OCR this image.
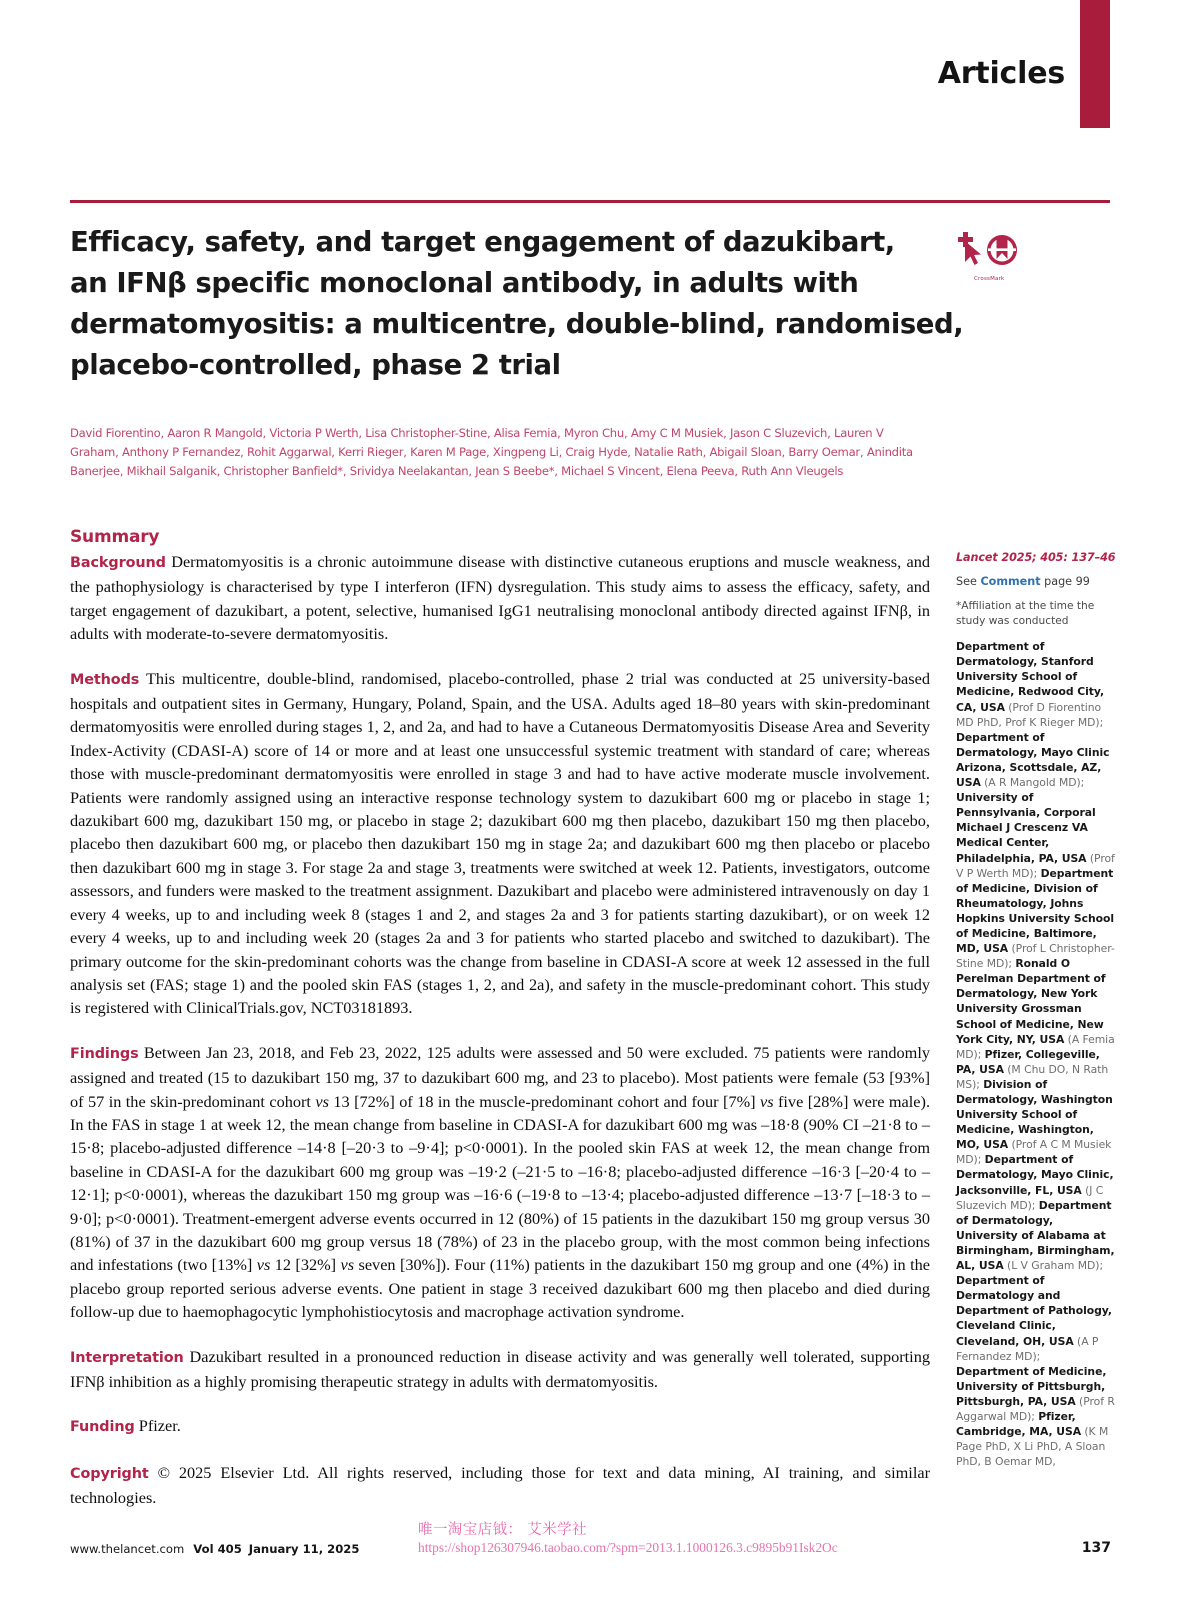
Articles
CrossMark
Efficacy, safety, and target engagement of dazukibart,
an IFNβ specific monoclonal antibody, in adults with
dermatomyositis: a multicentre, double-blind, randomised,
placebo-controlled, phase 2 trial
David Fiorentino, Aaron R Mangold, Victoria P Werth, Lisa Christopher-Stine, Alisa Femia, Myron Chu, Amy C M Musiek, Jason C Sluzevich, Lauren V Graham, Anthony P Fernandez, Rohit Aggarwal, Kerri Rieger, Karen M Page, Xingpeng Li, Craig Hyde, Natalie Rath, Abigail Sloan, Barry Oemar, Anindita Banerjee, Mikhail Salganik, Christopher Banfield*, Srividya Neelakantan, Jean S Beebe*, Michael S Vincent, Elena Peeva, Ruth Ann Vleugels
Summary

Background Dermatomyositis is a chronic autoimmune disease with distinctive cutaneous eruptions and muscle weakness, and the pathophysiology is characterised by type I interferon (IFN) dysregulation. This study aims to assess the efficacy, safety, and target engagement of dazukibart, a potent, selective, humanised IgG1 neutralising monoclonal antibody directed against IFNβ, in adults with moderate-to-severe dermatomyositis.

Methods This multicentre, double-blind, randomised, placebo-controlled, phase 2 trial was conducted at 25 university-based hospitals and outpatient sites in Germany, Hungary, Poland, Spain, and the USA. Adults aged 18–80 years with skin-predominant dermatomyositis were enrolled during stages 1, 2, and 2a, and had to have a Cutaneous Dermatomyositis Disease Area and Severity Index-Activity (CDASI-A) score of 14 or more and at least one unsuccessful systemic treatment with standard of care; whereas those with muscle-predominant dermatomyositis were enrolled in stage 3 and had to have active moderate muscle involvement. Patients were randomly assigned using an interactive response technology system to dazukibart 600 mg or placebo in stage 1; dazukibart 600 mg, dazukibart 150 mg, or placebo in stage 2; dazukibart 600 mg then placebo, dazukibart 150 mg then placebo, placebo then dazukibart 600 mg, or placebo then dazukibart 150 mg in stage 2a; and dazukibart 600 mg then placebo or placebo then dazukibart 600 mg in stage 3. For stage 2a and stage 3, treatments were switched at week 12. Patients, investigators, outcome assessors, and funders were masked to the treatment assignment. Dazukibart and placebo were administered intravenously on day 1 every 4 weeks, up to and including week 8 (stages 1 and 2, and stages 2a and 3 for patients starting dazukibart), or on week 12 every 4 weeks, up to and including week 20 (stages 2a and 3 for patients who started placebo and switched to dazukibart). The primary outcome for the skin-predominant cohorts was the change from baseline in CDASI-A score at week 12 assessed in the full analysis set (FAS; stage 1) and the pooled skin FAS (stages 1, 2, and 2a), and safety in the muscle-predominant cohort. This study is registered with ClinicalTrials.gov, NCT03181893.

Findings Between Jan 23, 2018, and Feb 23, 2022, 125 adults were assessed and 50 were excluded. 75 patients were randomly assigned and treated (15 to dazukibart 150 mg, 37 to dazukibart 600 mg, and 23 to placebo). Most patients were female (53 [93%] of 57 in the skin-predominant cohort vs 13 [72%] of 18 in the muscle-predominant cohort and four [7%] vs five [28%] were male). In the FAS in stage 1 at week 12, the mean change from baseline in CDASI-A for dazukibart 600 mg was –18·8 (90% CI –21·8 to –15·8; placebo-adjusted difference –14·8 [–20·3 to –9·4]; p<0·0001). In the pooled skin FAS at week 12, the mean change from baseline in CDASI-A for the dazukibart 600 mg group was –19·2 (–21·5 to –16·8; placebo-adjusted difference –16·3 [–20·4 to –12·1]; p<0·0001), whereas the dazukibart 150 mg group was –16·6 (–19·8 to –13·4; placebo-adjusted difference –13·7 [–18·3 to –9·0]; p<0·0001). Treatment-emergent adverse events occurred in 12 (80%) of 15 patients in the dazukibart 150 mg group versus 30 (81%) of 37 in the dazukibart 600 mg group versus 18 (78%) of 23 in the placebo group, with the most common being infections and infestations (two [13%] vs 12 [32%] vs seven [30%]). Four (11%) patients in the dazukibart 150 mg group and one (4%) in the placebo group reported serious adverse events. One patient in stage 3 received dazukibart 600 mg then placebo and died during follow-up due to haemophagocytic lymphohistiocytosis and macrophage activation syndrome.

Interpretation Dazukibart resulted in a pronounced reduction in disease activity and was generally well tolerated, supporting IFNβ inhibition as a highly promising therapeutic strategy in adults with dermatomyositis.

Funding Pfizer.

Copyright © 2025 Elsevier Ltd. All rights reserved, including those for text and data mining, AI training, and similar technologies.

Lancet 2025; 405: 137–46
See Comment page 99
*Affiliation at the time the study was conducted
Department of Dermatology, Stanford University School of Medicine, Redwood City, CA, USA (Prof D Fiorentino MD PhD, Prof K Rieger MD); Department of Dermatology, Mayo Clinic Arizona, Scottsdale, AZ, USA (A R Mangold MD); University of Pennsylvania, Corporal Michael J Crescenz VA Medical Center, Philadelphia, PA, USA (Prof V P Werth MD); Department of Medicine, Division of Rheumatology, Johns Hopkins University School of Medicine, Baltimore, MD, USA (Prof L Christopher-Stine MD); Ronald O Perelman Department of Dermatology, New York University Grossman School of Medicine, New York City, NY, USA (A Femia MD); Pfizer, Collegeville, PA, USA (M Chu DO, N Rath MS); Division of Dermatology, Washington University School of Medicine, Washington, MO, USA (Prof A C M Musiek MD); Department of Dermatology, Mayo Clinic, Jacksonville, FL, USA (J C Sluzevich MD); Department of Dermatology, University of Alabama at Birmingham, Birmingham, AL, USA (L V Graham MD); Department of Dermatology and Department of Pathology, Cleveland Clinic, Cleveland, OH, USA (A P Fernandez MD); Department of Medicine, University of Pittsburgh, Pittsburgh, PA, USA (Prof R Aggarwal MD); Pfizer, Cambridge, MA, USA (K M Page PhD, X Li PhD, A Sloan PhD, B Oemar MD,
www.thelancet.com Vol 405 January 11, 2025	137
唯一淘宝店钺： 艾米学社 　　　　　　　　　　　　　　　　　
https://shop126307946.taobao.com/?spm=2013.1.1000126.3.c9895b91Isk2Oc
